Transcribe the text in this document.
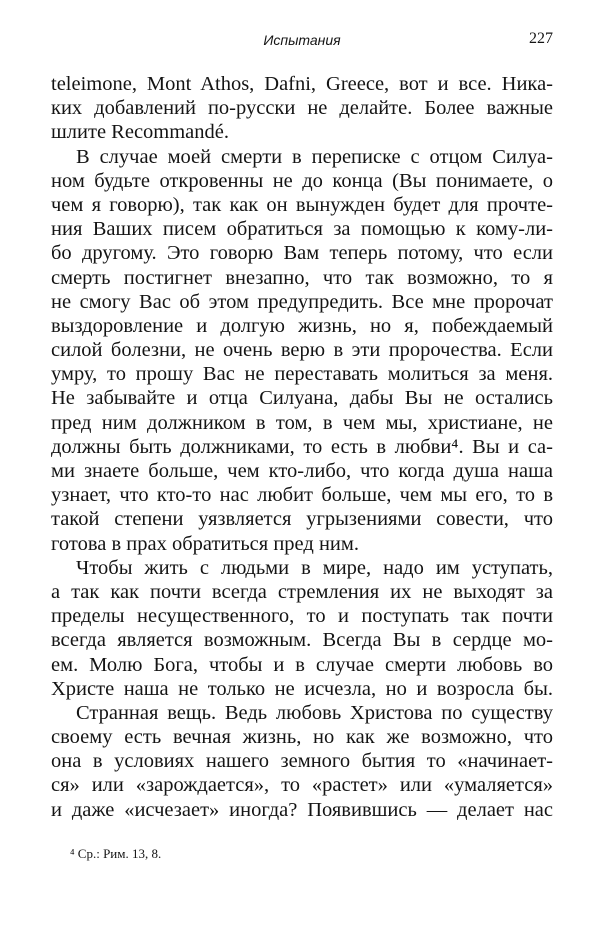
Испытания	227
teleimone, Mont Athos, Dafni, Greece, вот и все. Ника-
ких добавлений по-русски не делайте. Более важные
шлите Recommandé.
В случае моей смерти в переписке с отцом Силуа-
ном будьте откровенны не до конца (Вы понимаете, о
чем я говорю), так как он вынужден будет для прочте-
ния Ваших писем обратиться за помощью к кому-ли-
бо другому. Это говорю Вам теперь потому, что если
смерть постигнет внезапно, что так возможно, то я
не смогу Вас об этом предупредить. Все мне пророчат
выздоровление и долгую жизнь, но я, побеждаемый
силой болезни, не очень верю в эти пророчества. Если
умру, то прошу Вас не переставать молиться за меня.
Не забывайте и отца Силуана, дабы Вы не остались
пред ним должником в том, в чем мы, христиане, не
должны быть должниками, то есть в любви⁴. Вы и са-
ми знаете больше, чем кто-либо, что когда душа наша
узнает, что кто-то нас любит больше, чем мы его, то в
такой степени уязвляется угрызениями совести, что
готова в прах обратиться пред ним.
Чтобы жить с людьми в мире, надо им уступать,
а так как почти всегда стремления их не выходят за
пределы несущественного, то и поступать так почти
всегда является возможным. Всегда Вы в сердце мо-
ем. Молю Бога, чтобы и в случае смерти любовь во
Христе наша не только не исчезла, но и возросла бы.
Странная вещь. Ведь любовь Христова по существу
своему есть вечная жизнь, но как же возможно, что
она в условиях нашего земного бытия то «начинает-
ся» или «зарождается», то «растет» или «умаляется»
и даже «исчезает» иногда? Появившись — делает нас
⁴ Ср.: Рим. 13, 8.
